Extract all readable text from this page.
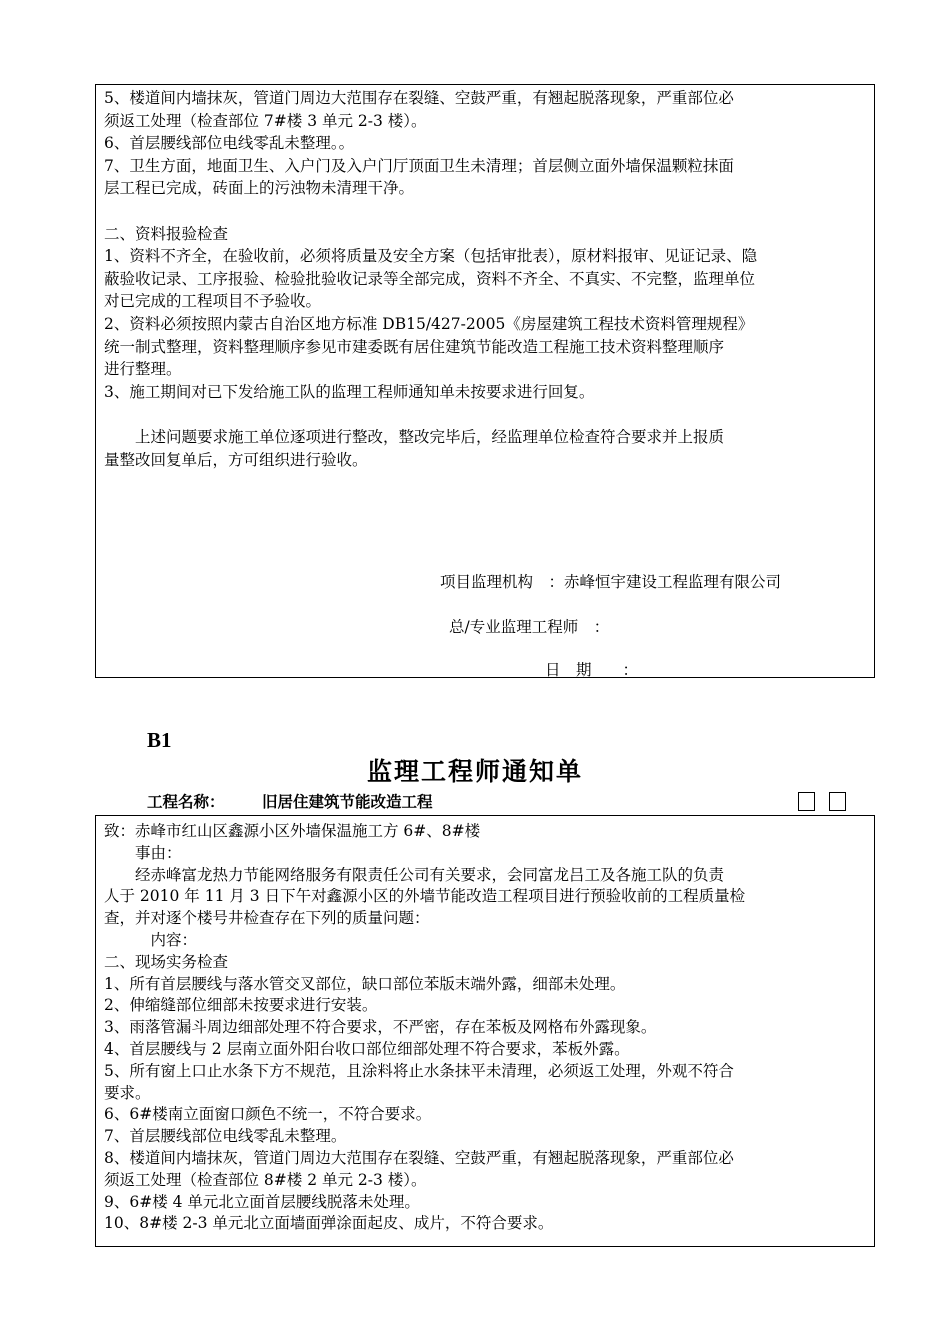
5、楼道间内墙抹灰，管道门周边大范围存在裂缝、空鼓严重，有翘起脱落现象，严重部位必
须返工处理（检查部位 7#楼 3 单元 2-3 楼）。
6、首层腰线部位电线零乱未整理。。
7、卫生方面，地面卫生、入户门及入户门厅顶面卫生未清理；首层侧立面外墙保温颗粒抹面
层工程已完成，砖面上的污浊物未清理干净。
二、资料报验检查
1、资料不齐全，在验收前，必须将质量及安全方案（包括审批表），原材料报审、见证记录、隐
蔽验收记录、工序报验、检验批验收记录等全部完成，资料不齐全、不真实、不完整，监理单位
对已完成的工程项目不予验收。
2、资料必须按照内蒙古自治区地方标准 DB15/427-2005《房屋建筑工程技术资料管理规程》
统一制式整理，资料整理顺序参见市建委既有居住建筑节能改造工程施工技术资料整理顺序
进行整理。
3、施工期间对已下发给施工队的监理工程师通知单未按要求进行回复。
　　上述问题要求施工单位逐项进行整改，整改完毕后，经监理单位检查符合要求并上报质
量整改回复单后，方可组织进行验收。
项目监理机构　：赤峰恒宇建设工程监理有限公司
总/专业监理工程师　：
日　期　　：
B1
监理工程师通知单
工程名称： 旧居住建筑节能改造工程
致：赤峰市红山区鑫源小区外墙保温施工方 6#、8#楼
　　事由：
　　经赤峰富龙热力节能网络服务有限责任公司有关要求，会同富龙吕工及各施工队的负责
人于 2010 年 11 月 3 日下午对鑫源小区的外墙节能改造工程项目进行预验收前的工程质量检
查，并对逐个楼号井检查存在下列的质量问题：
　　　内容：
二、现场实务检查
1、所有首层腰线与落水管交叉部位，缺口部位苯版末端外露，细部未处理。
2、伸缩缝部位细部未按要求进行安装。
3、雨落管漏斗周边细部处理不符合要求，不严密，存在苯板及网格布外露现象。
4、首层腰线与 2 层南立面外阳台收口部位细部处理不符合要求，苯板外露。
5、所有窗上口止水条下方不规范，且涂料将止水条抹平未清理，必须返工处理，外观不符合
要求。
6、6#楼南立面窗口颜色不统一，不符合要求。
7、首层腰线部位电线零乱未整理。
8、楼道间内墙抹灰，管道门周边大范围存在裂缝、空鼓严重，有翘起脱落现象，严重部位必
须返工处理（检查部位 8#楼 2 单元 2-3 楼）。
9、6#楼 4 单元北立面首层腰线脱落未处理。
10、8#楼 2-3 单元北立面墙面弹涂面起皮、成片，不符合要求。
